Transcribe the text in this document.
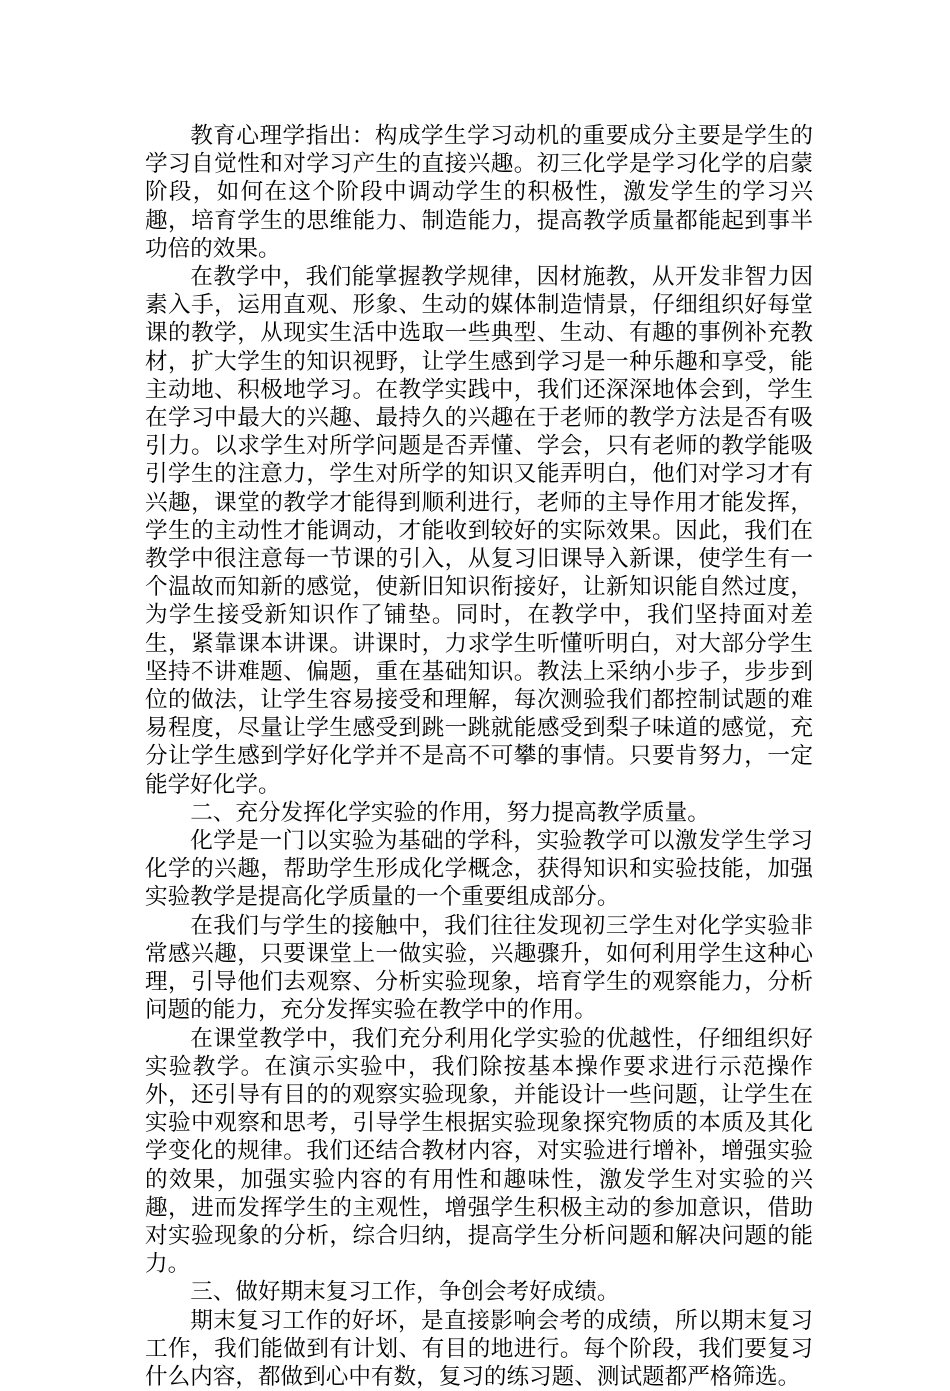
教育心理学指出：构成学生学习动机的重要成分主要是学生的学习自觉性和对学习产生的直接兴趣。初三化学是学习化学的启蒙阶段，如何在这个阶段中调动学生的积极性，激发学生的学习兴趣，培育学生的思维能力、制造能力，提高教学质量都能起到事半功倍的效果。

在教学中，我们能掌握教学规律，因材施教，从开发非智力因素入手，运用直观、形象、生动的媒体制造情景，仔细组织好每堂课的教学，从现实生活中选取一些典型、生动、有趣的事例补充教材，扩大学生的知识视野，让学生感到学习是一种乐趣和享受，能主动地、积极地学习。在教学实践中，我们还深深地体会到，学生在学习中最大的兴趣、最持久的兴趣在于老师的教学方法是否有吸引力。以求学生对所学问题是否弄懂、学会，只有老师的教学能吸引学生的注意力，学生对所学的知识又能弄明白，他们对学习才有兴趣，课堂的教学才能得到顺利进行，老师的主导作用才能发挥，学生的主动性才能调动，才能收到较好的实际效果。因此，我们在教学中很注意每一节课的引入，从复习旧课导入新课，使学生有一个温故而知新的感觉，使新旧知识衔接好，让新知识能自然过度，为学生接受新知识作了铺垫。同时，在教学中，我们坚持面对差生，紧靠课本讲课。讲课时，力求学生听懂听明白，对大部分学生坚持不讲难题、偏题，重在基础知识。教法上采纳小步子，步步到位的做法，让学生容易接受和理解，每次测验我们都控制试题的难易程度，尽量让学生感受到跳一跳就能感受到梨子味道的感觉，充分让学生感到学好化学并不是高不可攀的事情。只要肯努力，一定能学好化学。

二、充分发挥化学实验的作用，努力提高教学质量。

化学是一门以实验为基础的学科，实验教学可以激发学生学习化学的兴趣，帮助学生形成化学概念，获得知识和实验技能，加强实验教学是提高化学质量的一个重要组成部分。

在我们与学生的接触中，我们往往发现初三学生对化学实验非常感兴趣，只要课堂上一做实验，兴趣骤升，如何利用学生这种心理，引导他们去观察、分析实验现象，培育学生的观察能力，分析问题的能力，充分发挥实验在教学中的作用。

在课堂教学中，我们充分利用化学实验的优越性，仔细组织好实验教学。在演示实验中，我们除按基本操作要求进行示范操作外，还引导有目的的观察实验现象，并能设计一些问题，让学生在实验中观察和思考，引导学生根据实验现象探究物质的本质及其化学变化的规律。我们还结合教材内容，对实验进行增补，增强实验的效果，加强实验内容的有用性和趣味性，激发学生对实验的兴趣，进而发挥学生的主观性，增强学生积极主动的参加意识，借助对实验现象的分析，综合归纳，提高学生分析问题和解决问题的能力。

三、做好期末复习工作，争创会考好成绩。

期末复习工作的好坏，是直接影响会考的成绩，所以期末复习工作，我们能做到有计划、有目的地进行。每个阶段，我们要复习什么内容，都做到心中有数，复习的练习题、测试题都严格筛选。
